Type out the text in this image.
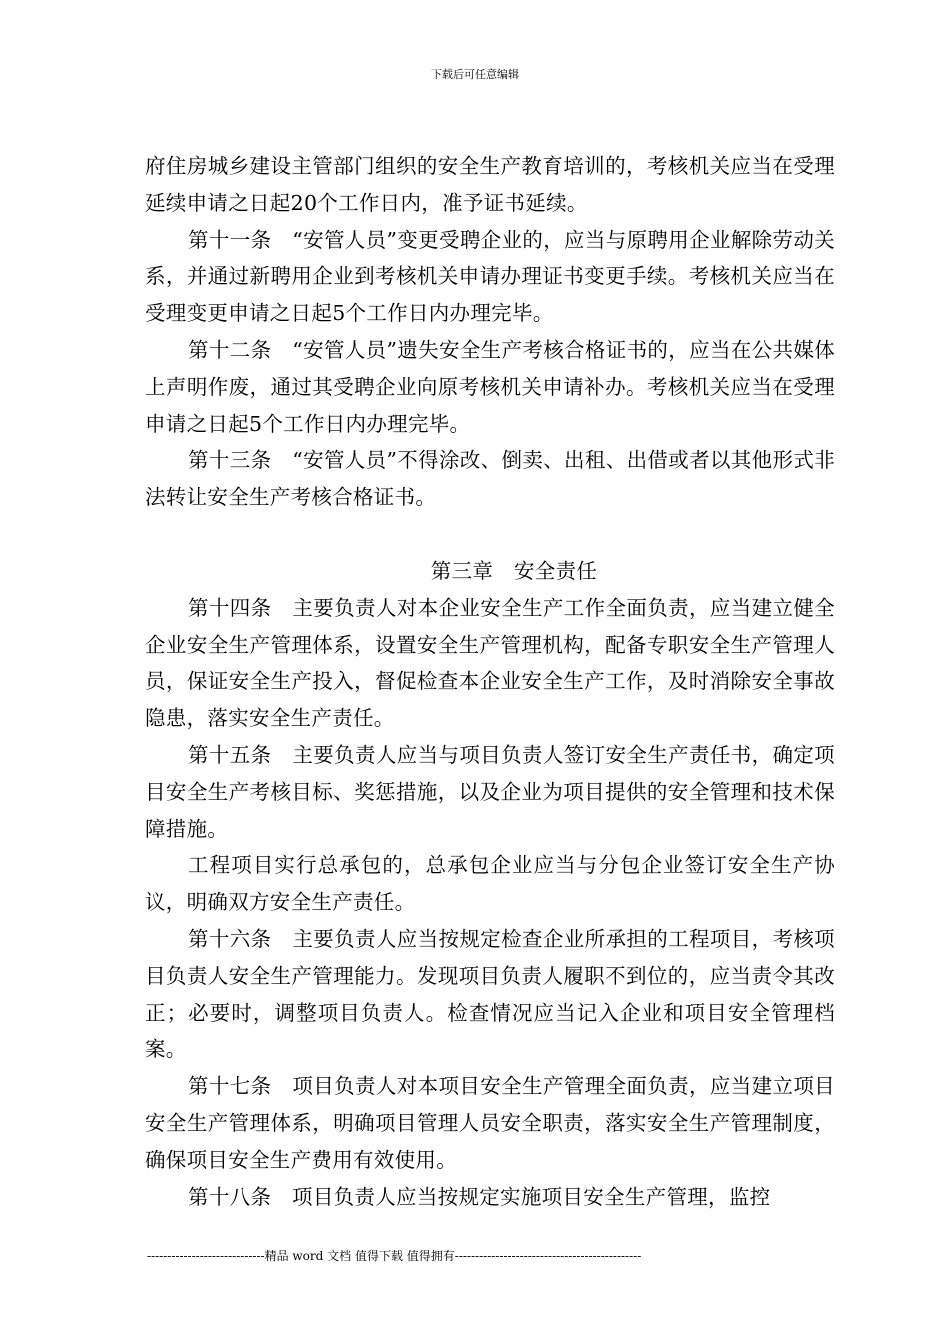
下载后可任意编辑

府住房城乡建设主管部门组织的安全生产教育培训的，考核机关应当在受理延续申请之日起20个工作日内，准予证书延续。

第十一条　“安管人员”变更受聘企业的，应当与原聘用企业解除劳动关系，并通过新聘用企业到考核机关申请办理证书变更手续。考核机关应当在受理变更申请之日起5个工作日内办理完毕。

第十二条　“安管人员”遗失安全生产考核合格证书的，应当在公共媒体上声明作废，通过其受聘企业向原考核机关申请补办。考核机关应当在受理申请之日起5个工作日内办理完毕。

第十三条　“安管人员”不得涂改、倒卖、出租、出借或者以其他形式非法转让安全生产考核合格证书。

第三章　安全责任

第十四条　主要负责人对本企业安全生产工作全面负责，应当建立健全企业安全生产管理体系，设置安全生产管理机构，配备专职安全生产管理人员，保证安全生产投入，督促检查本企业安全生产工作，及时消除安全事故隐患，落实安全生产责任。

第十五条　主要负责人应当与项目负责人签订安全生产责任书，确定项目安全生产考核目标、奖惩措施，以及企业为项目提供的安全管理和技术保障措施。

工程项目实行总承包的，总承包企业应当与分包企业签订安全生产协议，明确双方安全生产责任。

第十六条　主要负责人应当按规定检查企业所承担的工程项目，考核项目负责人安全生产管理能力。发现项目负责人履职不到位的，应当责令其改正；必要时，调整项目负责人。检查情况应当记入企业和项目安全管理档案。

第十七条　项目负责人对本项目安全生产管理全面负责，应当建立项目安全生产管理体系，明确项目管理人员安全职责，落实安全生产管理制度，确保项目安全生产费用有效使用。

第十八条　项目负责人应当按规定实施项目安全生产管理，监控

-----------------------------精品 word 文档 值得下载 值得拥有----------------------------------------------
